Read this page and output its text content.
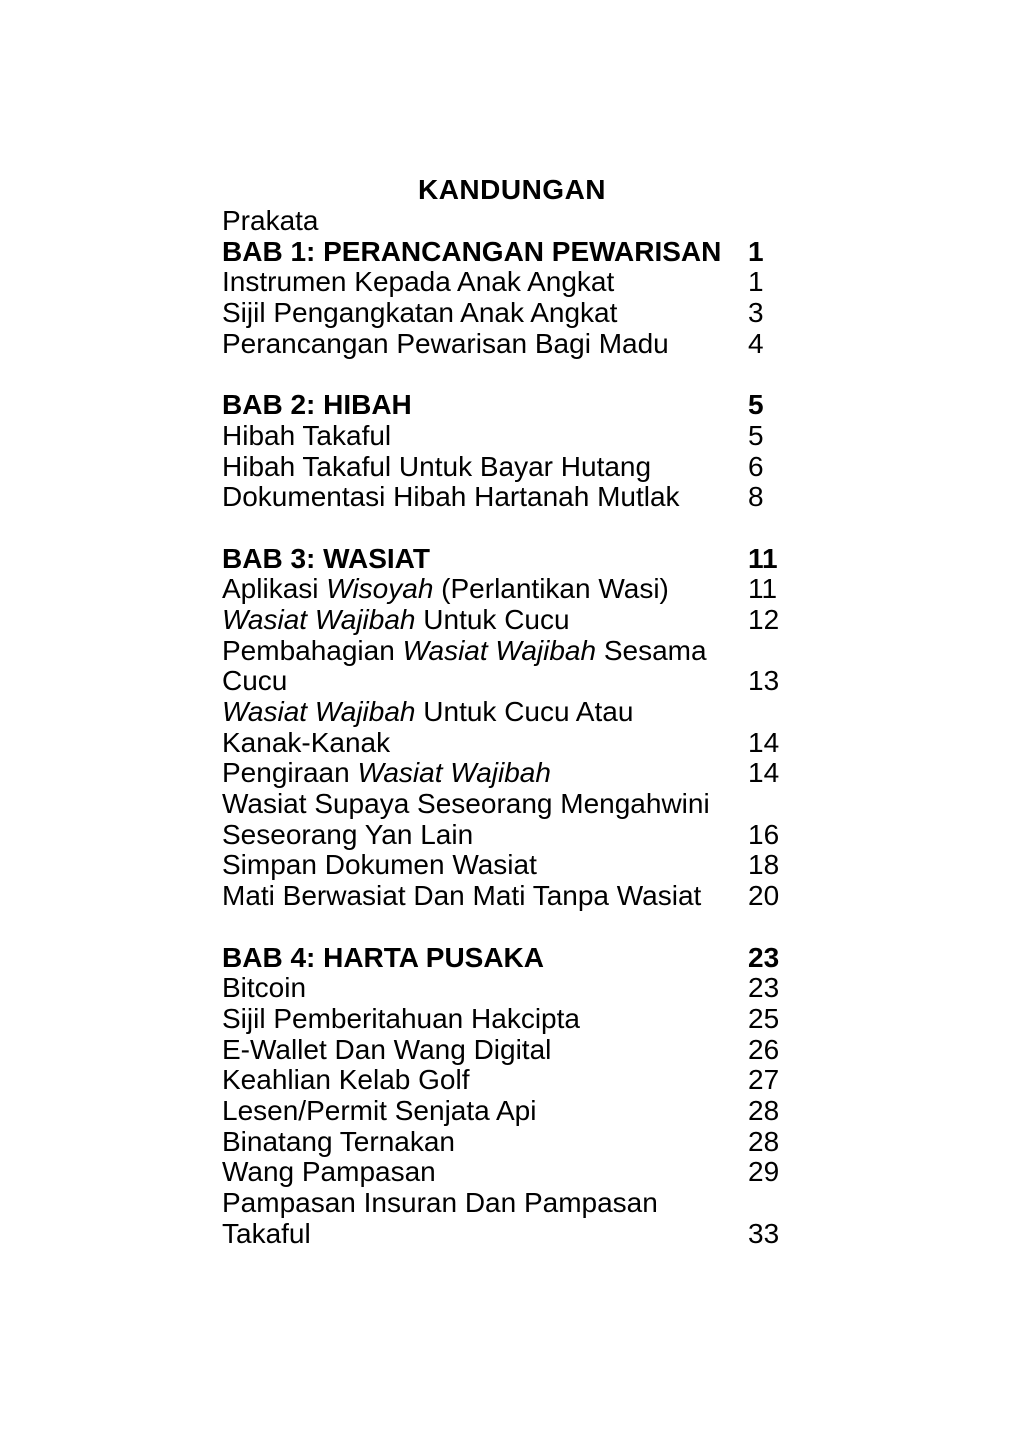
KANDUNGAN
Prakata
BAB 1: PERANCANGAN PEWARISAN 1
Instrumen Kepada Anak Angkat	1
Sijil Pengangkatan Anak Angkat	3
Perancangan Pewarisan Bagi Madu	4
BAB 2: HIBAH	5
Hibah Takaful	5
Hibah Takaful Untuk Bayar Hutang	6
Dokumentasi Hibah Hartanah Mutlak	8
BAB 3: WASIAT	11
Aplikasi Wisoyah (Perlantikan Wasi)	11
Wasiat Wajibah Untuk Cucu	12
Pembahagian Wasiat Wajibah Sesama
Cucu	13
Wasiat Wajibah Untuk Cucu Atau
Kanak-Kanak	14
Pengiraan Wasiat Wajibah	14
Wasiat Supaya Seseorang Mengahwini
Seseorang Yan Lain	16
Simpan Dokumen Wasiat	18
Mati Berwasiat Dan Mati Tanpa Wasiat	20
BAB 4: HARTA PUSAKA	23
Bitcoin	23
Sijil Pemberitahuan Hakcipta	25
E-Wallet Dan Wang Digital	26
Keahlian Kelab Golf	27
Lesen/Permit Senjata Api	28
Binatang Ternakan	28
Wang Pampasan	29
Pampasan Insuran Dan Pampasan
Takaful	33
